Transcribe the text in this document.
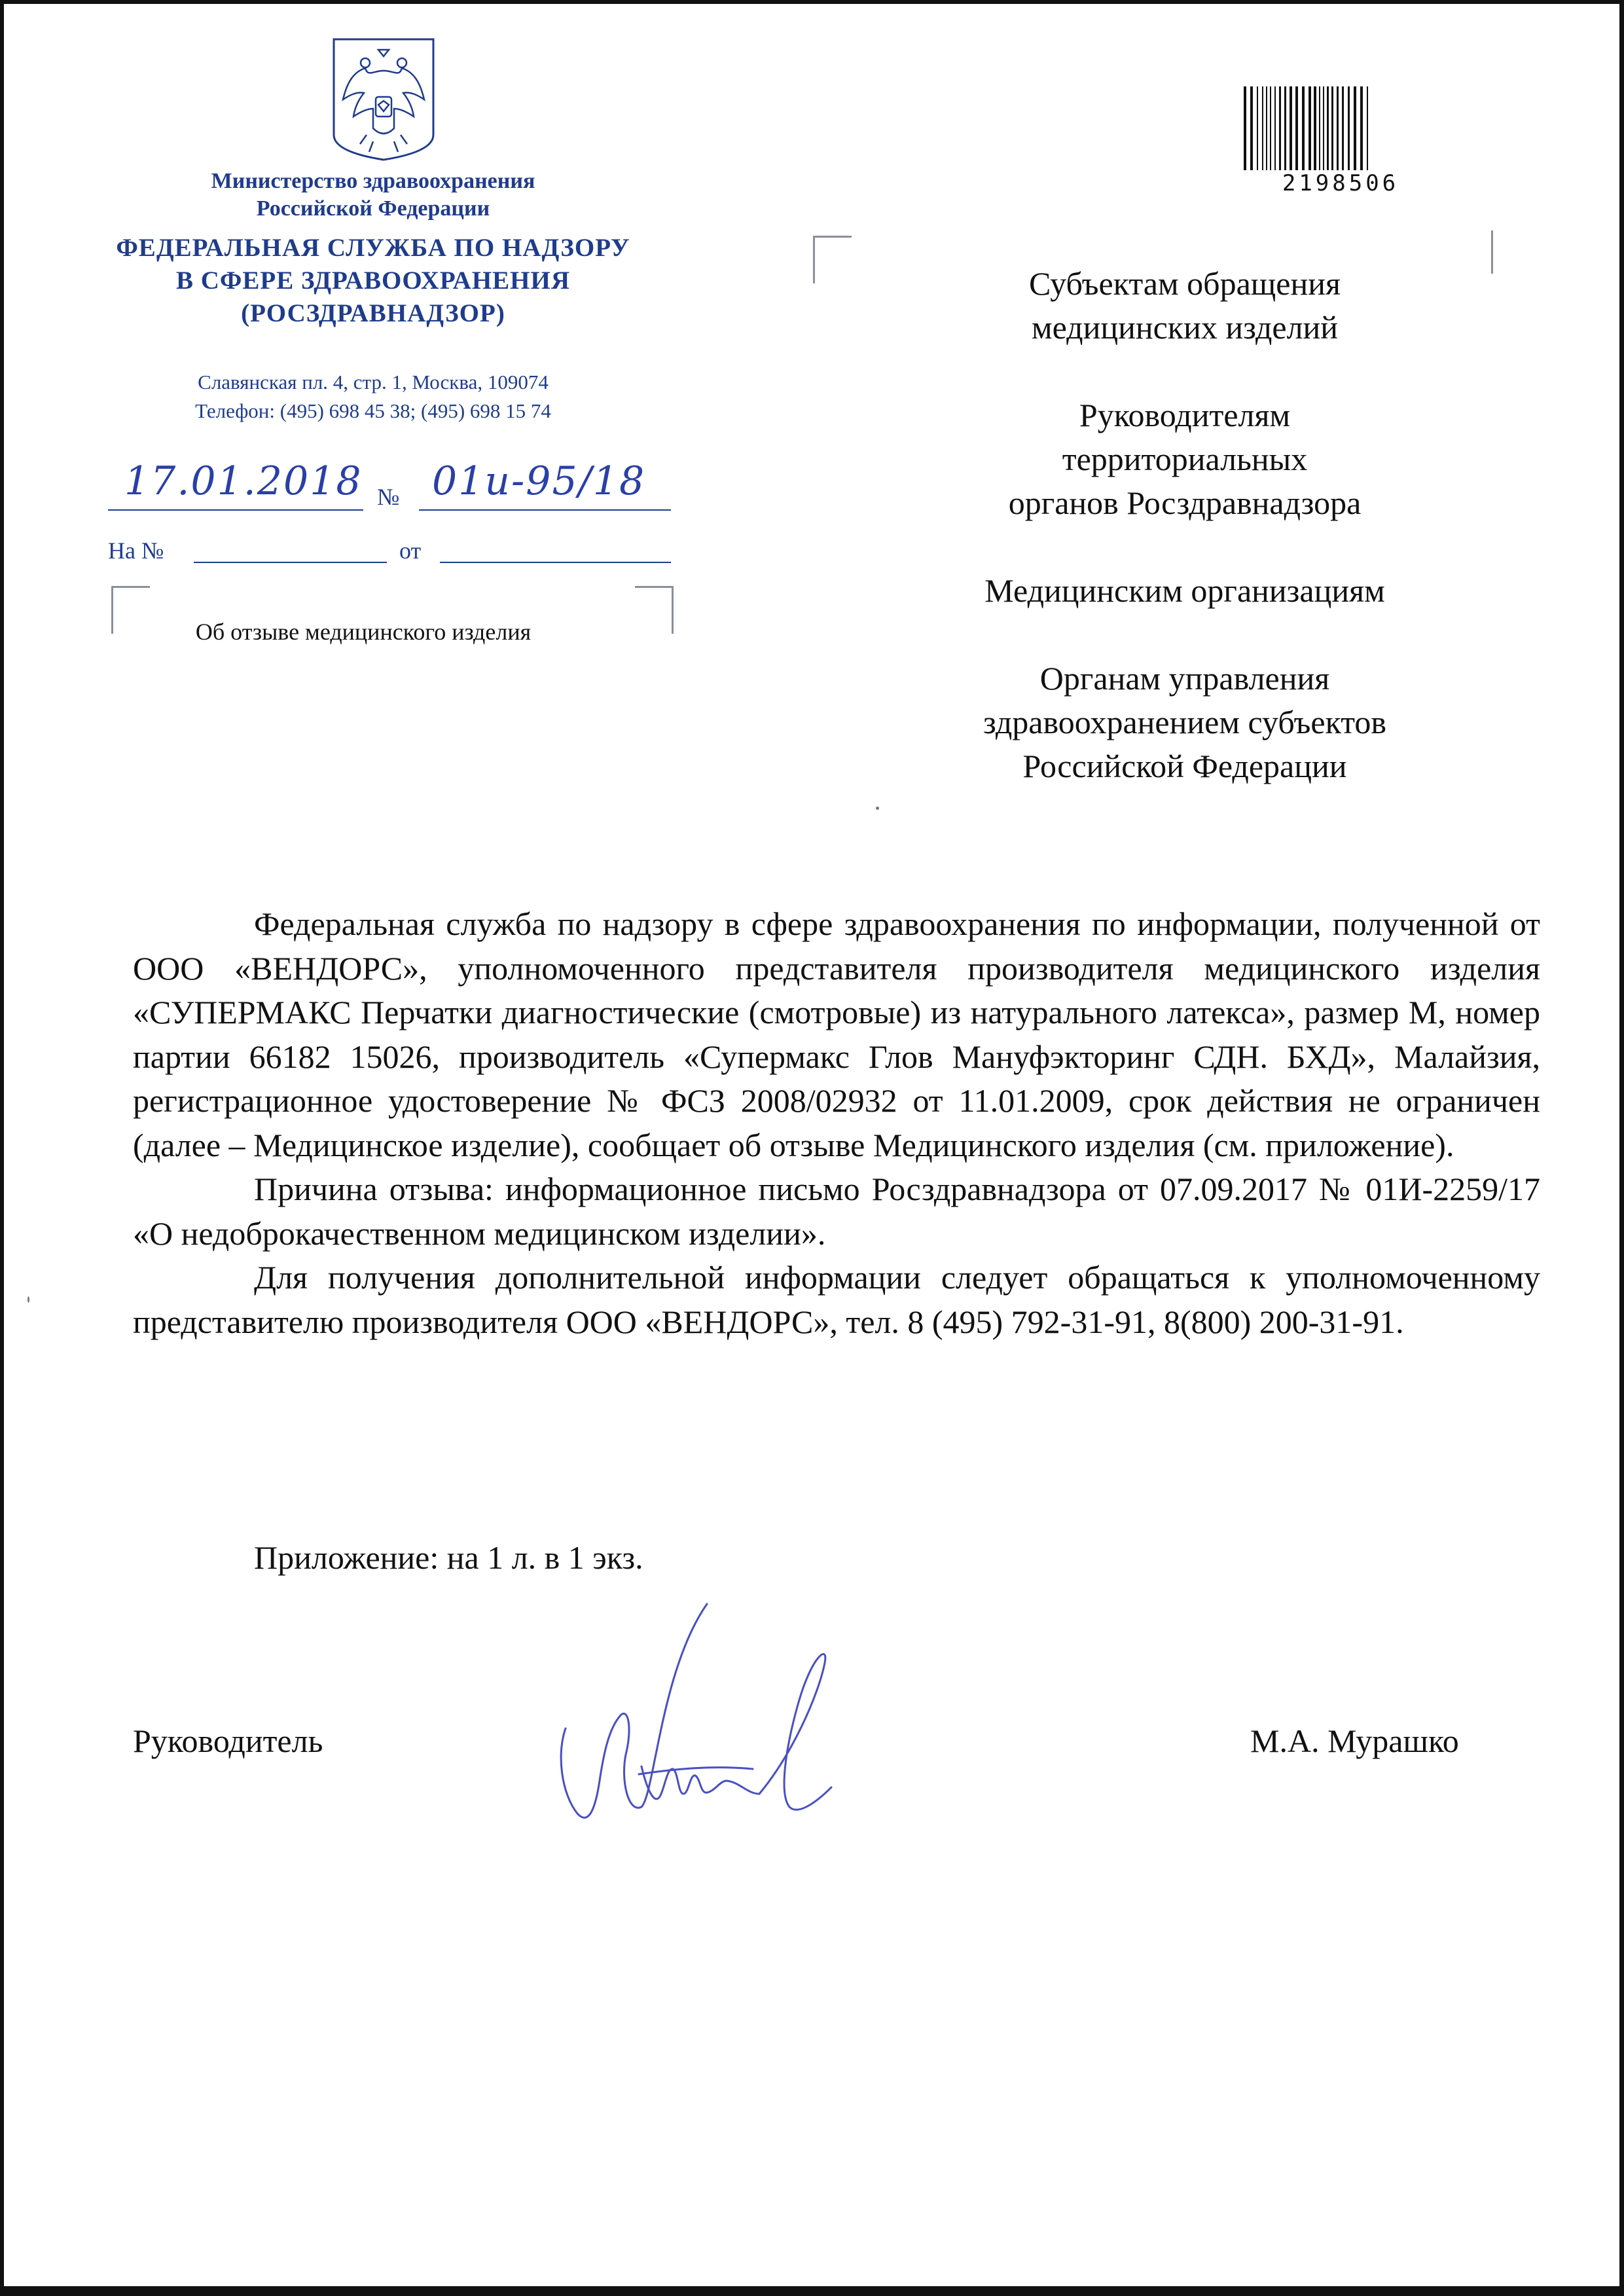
Министерство здравоохранения
Российской Федерации
ФЕДЕРАЛЬНАЯ СЛУЖБА ПО НАДЗОРУ
В СФЕРЕ ЗДРАВООХРАНЕНИЯ
(РОСЗДРАВНАДЗОР)
Славянская пл. 4, стр. 1, Москва, 109074
Телефон: (495) 698 45 38; (495) 698 15 74
17.01.2018 № 01и-95/18
На №	от
Об отзыве медицинского изделия
2198506
Субъектам обращения
медицинских изделий
Руководителям
территориальных
органов Росздравнадзора
Медицинским организациям
Органам управления
здравоохранением субъектов
Российской Федерации

Федеральная служба по надзору в сфере здравоохранения по информации, полученной от ООО «ВЕНДОРС», уполномоченного представителя производителя медицинского изделия «СУПЕРМАКС Перчатки диагностические (смотровые) из натурального латекса», размер М, номер партии 66182 15026, производитель «Супермакс Глов Мануфэкторинг СДН. БХД», Малайзия, регистрационное удостоверение № ФСЗ 2008/02932 от 11.01.2009, срок действия не ограничен (далее – Медицинское изделие), сообщает об отзыве Медицинского изделия (см. приложение).

Причина отзыва: информационное письмо Росздравнадзора от 07.09.2017 № 01И-2259/17 «О недоброкачественном медицинском изделии».

Для получения дополнительной информации следует обращаться к уполномоченному представителю производителя ООО «ВЕНДОРС», тел. 8 (495) 792-31-91, 8(800) 200-31-91.

Приложение: на 1 л. в 1 экз.
Руководитель	М.А. Мурашко
